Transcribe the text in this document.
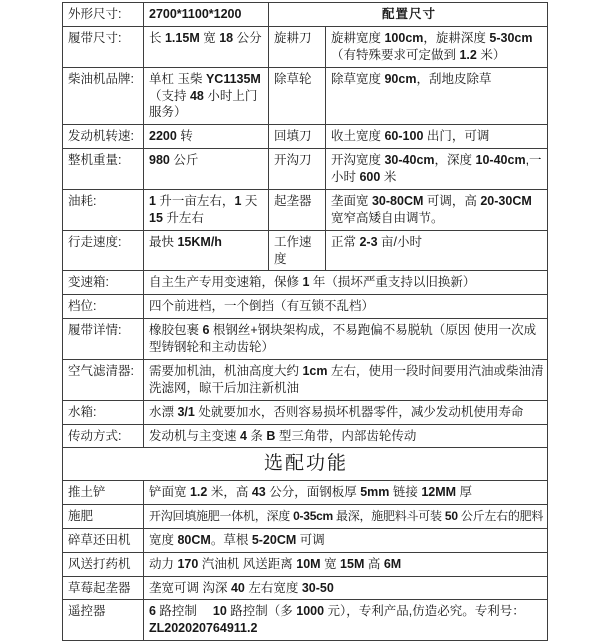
外形尺寸:	2700*1100*1200	配置尺寸	
履带尺寸:	长 1.15M 宽 18 公分	旋耕刀	旋耕宽度 100cm，旋耕深度 5-30cm（有特殊要求可定做到 1.2 米）
柴油机品牌:	单杠 玉柴 YC1135M （支持 48 小时上门服务）	除草轮	除草宽度 90cm，刮地皮除草
发动机转速:	2200 转	回填刀	收土宽度 60-100 出门，可调
整机重量:	980 公斤	开沟刀	开沟宽度 30-40cm，深度 10-40cm,一小时 600 米
油耗:	1 升一亩左右，1 天 15 升左右	起垄器	垄面宽 30-80CM 可调，高 20-30CM 宽窄高矮自由调节。
行走速度:	最快 15KM/h	工作速度	正常 2-3 亩/小时
变速箱:	自主生产专用变速箱，保修 1 年（损坏严重支持以旧换新）		
档位:	四个前进档，一个倒挡（有互锁不乱档）		
履带详情:	橡胶包裹 6 根钢丝+钢块架构成，不易跑偏不易脱轨（原因 使用一次成型铸钢轮和主动齿轮）		
空气滤清器:	需要加机油，机油高度大约 1cm 左右，使用一段时间要用汽油或柴油清洗滤网，晾干后加注新机油		
水箱:	水漂 3/1 处就要加水，否则容易损坏机器零件，减少发动机使用寿命		
传动方式:	发动机与主变速 4 条 B 型三角带，内部齿轮传动		
选配功能			
推土铲	铲面宽 1.2 米，高 43 公分，面钢板厚 5mm 链接 12MM 厚		
施肥	开沟回填施肥一体机，深度 0-35cm 最深，施肥料斗可装 50 公斤左右的肥料		
碎草还田机	宽度 80CM。草根 5-20CM 可调		
风送打药机	动力 170 汽油机 风送距离 10M 宽 15M 高 6M		
草莓起垄器	垄宽可调 沟深 40 左右宽度 30-50		
遥控器	6 路控制　 10 路控制（多 1000 元），专利产品,仿造必究。专利号：ZL202020764911.2		
